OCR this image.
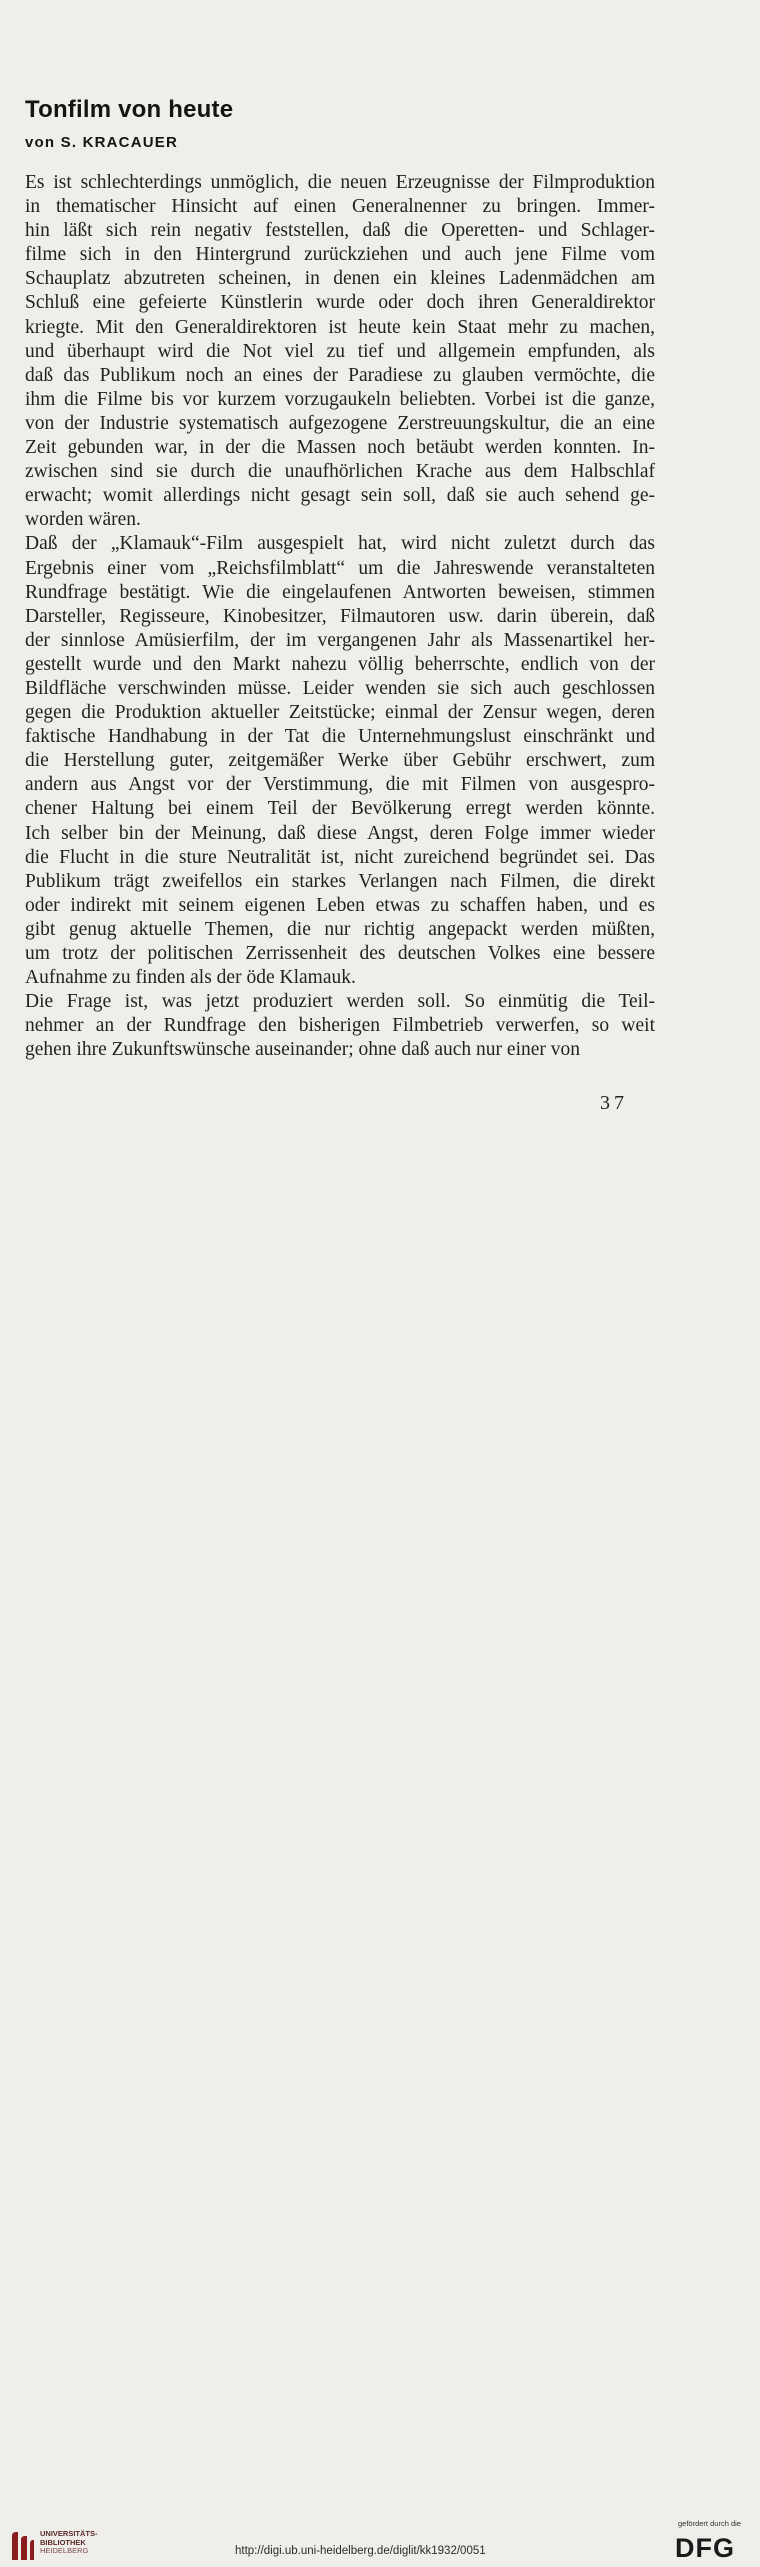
Tonfilm von heute
von S. KRACAUER
Es ist schlechterdings unmöglich, die neuen Erzeugnisse der Filmproduktion
in thematischer Hinsicht auf einen Generalnenner zu bringen. Immer-
hin läßt sich rein negativ feststellen, daß die Operetten- und Schlager-
filme sich in den Hintergrund zurückziehen und auch jene Filme vom
Schauplatz abzutreten scheinen, in denen ein kleines Ladenmädchen am
Schluß eine gefeierte Künstlerin wurde oder doch ihren Generaldirektor
kriegte. Mit den Generaldirektoren ist heute kein Staat mehr zu machen,
und überhaupt wird die Not viel zu tief und allgemein empfunden, als
daß das Publikum noch an eines der Paradiese zu glauben vermöchte, die
ihm die Filme bis vor kurzem vorzugaukeln beliebten. Vorbei ist die ganze,
von der Industrie systematisch aufgezogene Zerstreuungskultur, die an eine
Zeit gebunden war, in der die Massen noch betäubt werden konnten. In-
zwischen sind sie durch die unaufhörlichen Krache aus dem Halbschlaf
erwacht; womit allerdings nicht gesagt sein soll, daß sie auch sehend ge-
worden wären.
Daß der „Klamauk“-Film ausgespielt hat, wird nicht zuletzt durch das
Ergebnis einer vom „Reichsfilmblatt“ um die Jahreswende veranstalteten
Rundfrage bestätigt. Wie die eingelaufenen Antworten beweisen, stimmen
Darsteller, Regisseure, Kinobesitzer, Filmautoren usw. darin überein, daß
der sinnlose Amüsierfilm, der im vergangenen Jahr als Massenartikel her-
gestellt wurde und den Markt nahezu völlig beherrschte, endlich von der
Bildfläche verschwinden müsse. Leider wenden sie sich auch geschlossen
gegen die Produktion aktueller Zeitstücke; einmal der Zensur wegen, deren
faktische Handhabung in der Tat die Unternehmungslust einschränkt und
die Herstellung guter, zeitgemäßer Werke über Gebühr erschwert, zum
andern aus Angst vor der Verstimmung, die mit Filmen von ausgespro-
chener Haltung bei einem Teil der Bevölkerung erregt werden könnte.
Ich selber bin der Meinung, daß diese Angst, deren Folge immer wieder
die Flucht in die sture Neutralität ist, nicht zureichend begründet sei. Das
Publikum trägt zweifellos ein starkes Verlangen nach Filmen, die direkt
oder indirekt mit seinem eigenen Leben etwas zu schaffen haben, und es
gibt genug aktuelle Themen, die nur richtig angepackt werden müßten,
um trotz der politischen Zerrissenheit des deutschen Volkes eine bessere
Aufnahme zu finden als der öde Klamauk.
Die Frage ist, was jetzt produziert werden soll. So einmütig die Teil-
nehmer an der Rundfrage den bisherigen Filmbetrieb verwerfen, so weit
gehen ihre Zukunftswünsche auseinander; ohne daß auch nur einer von
37
UNIVERSITÄTS-
BIBLIOTHEK
HEIDELBERG	http://digi.ub.uni-heidelberg.de/diglit/kk1932/0051
gefördert durch die
DFG
